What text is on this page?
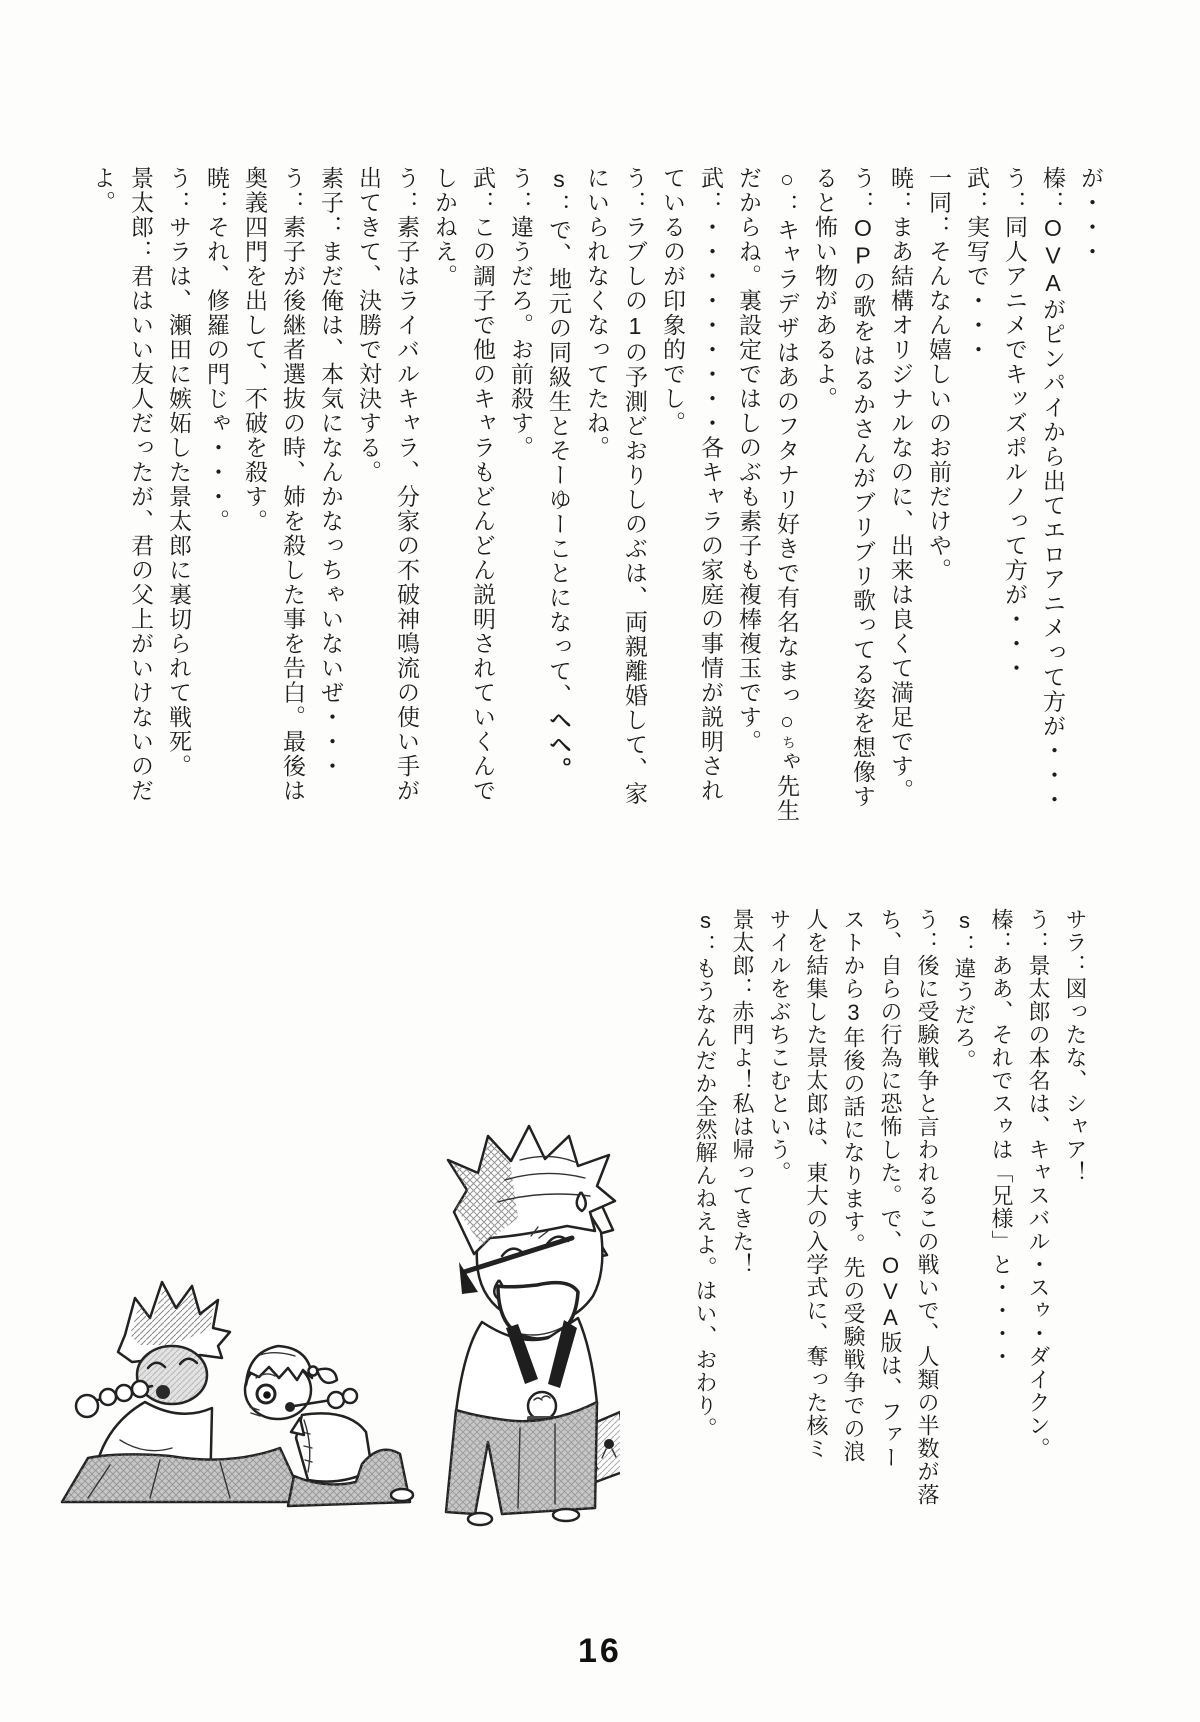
が・・・

榛：OVAがピンパイから出てエロアニメって方が・・・

う：同人アニメでキッズポルノって方が・・・

武：実写で・・・

一同：そんなん嬉しいのお前だけや。

暁：まあ結構オリジナルなのに、出来は良くて満足です。

う：OPの歌をはるかさんがブリブリ歌ってる姿を想像す

ると怖い物があるよ。

○：キャラデザはあのフタナリ好きで有名なまっ○ちゃ先生

だからね。裏設定ではしのぶも素子も複棒複玉です。

武：・・・・・・・・・各キャラの家庭の事情が説明され

ているのが印象的でし。

う：ラブしの1の予測どおりしのぶは、両親離婚して、家

にいられなくなってたね。

s：で、地元の同級生とそーゆーことになって、ヘヘ。

う：違うだろ。お前殺す。

武：この調子で他のキャラもどんどん説明されていくんで

しかねえ。

う：素子はライバルキャラ、分家の不破神鳴流の使い手が

出てきて、決勝で対決する。

素子：まだ俺は、本気になんかなっちゃいないぜ・・・

う：素子が後継者選抜の時、姉を殺した事を告白。最後は

奥義四門を出して、不破を殺す。

暁：それ、修羅の門じゃ・・・。

う：サラは、瀬田に嫉妬した景太郎に裏切られて戦死。

景太郎：君はいい友人だったが、君の父上がいけないのだ

よ。

サラ：図ったな、シャア！

う：景太郎の本名は、キャスバル・スゥ・ダイクン。

榛：ああ、それでスゥは「兄様」と・・・・

s：違うだろ。

う：後に受験戦争と言われるこの戦いで、人類の半数が落

ち、自らの行為に恐怖した。で、OVA版は、ファー

ストから3年後の話になります。先の受験戦争での浪

人を結集した景太郎は、東大の入学式に、奪った核ミ

サイルをぶちこむという。

景太郎：赤門よ！私は帰ってきた！

s：もうなんだか全然解んねえよ。はい、おわり。

16
